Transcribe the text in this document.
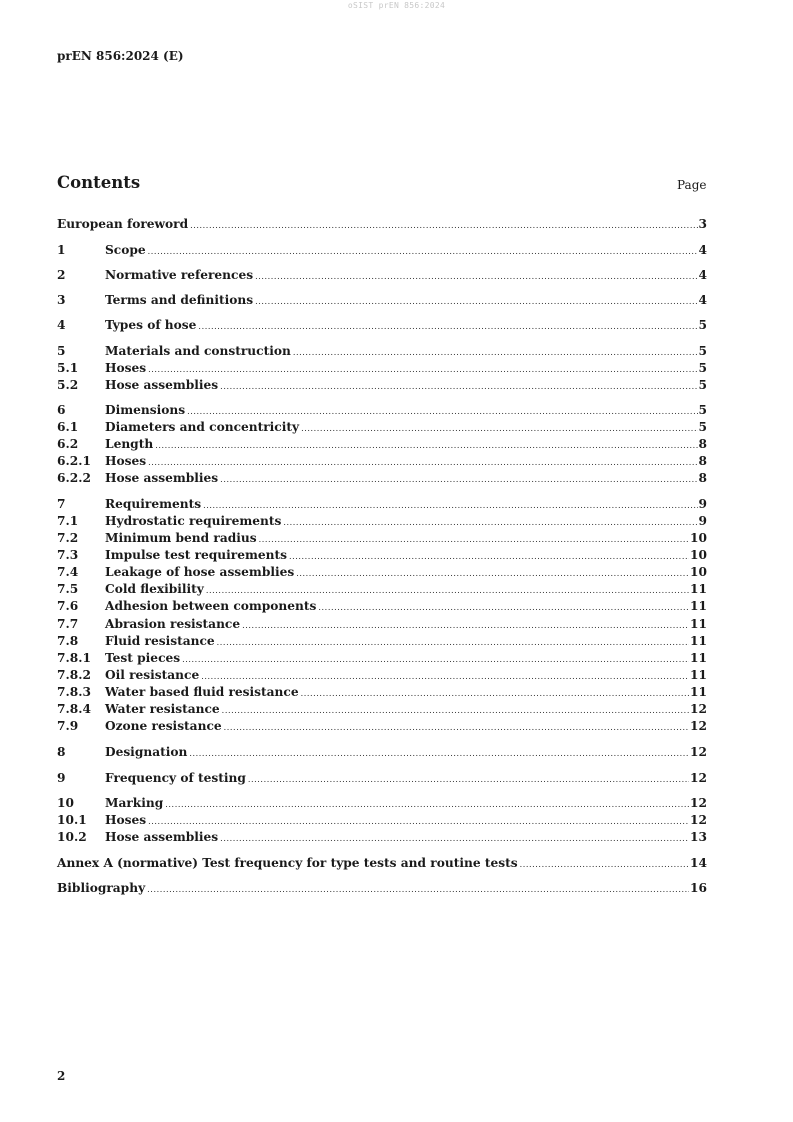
oSIST prEN 856:2024
prEN 856:2024 (E)
Contents	Page
European foreword .....	3
1	Scope .....	4
2	Normative references .....	4
3	Terms and definitions .....	4
4	Types of hose .....	5
5	Materials and construction .....	5
5.1	Hoses .....	5
5.2	Hose assemblies .....	5
6	Dimensions .....	5
6.1	Diameters and concentricity .....	5
6.2	Length .....	8
6.2.1	Hoses .....	8
6.2.2	Hose assemblies .....	8
7	Requirements .....	9
7.1	Hydrostatic requirements .....	9
7.2	Minimum bend radius .....	10
7.3	Impulse test requirements .....	10
7.4	Leakage of hose assemblies .....	10
7.5	Cold flexibility .....	11
7.6	Adhesion between components .....	11
7.7	Abrasion resistance .....	11
7.8	Fluid resistance .....	11
7.8.1	Test pieces .....	11
7.8.2	Oil resistance .....	11
7.8.3	Water based fluid resistance .....	11
7.8.4	Water resistance .....	12
7.9	Ozone resistance .....	12
8	Designation .....	12
9	Frequency of testing .....	12
10	Marking .....	12
10.1	Hoses .....	12
10.2	Hose assemblies .....	13
Annex A (normative) Test frequency for type tests and routine tests .....	14
Bibliography .....	16
2
